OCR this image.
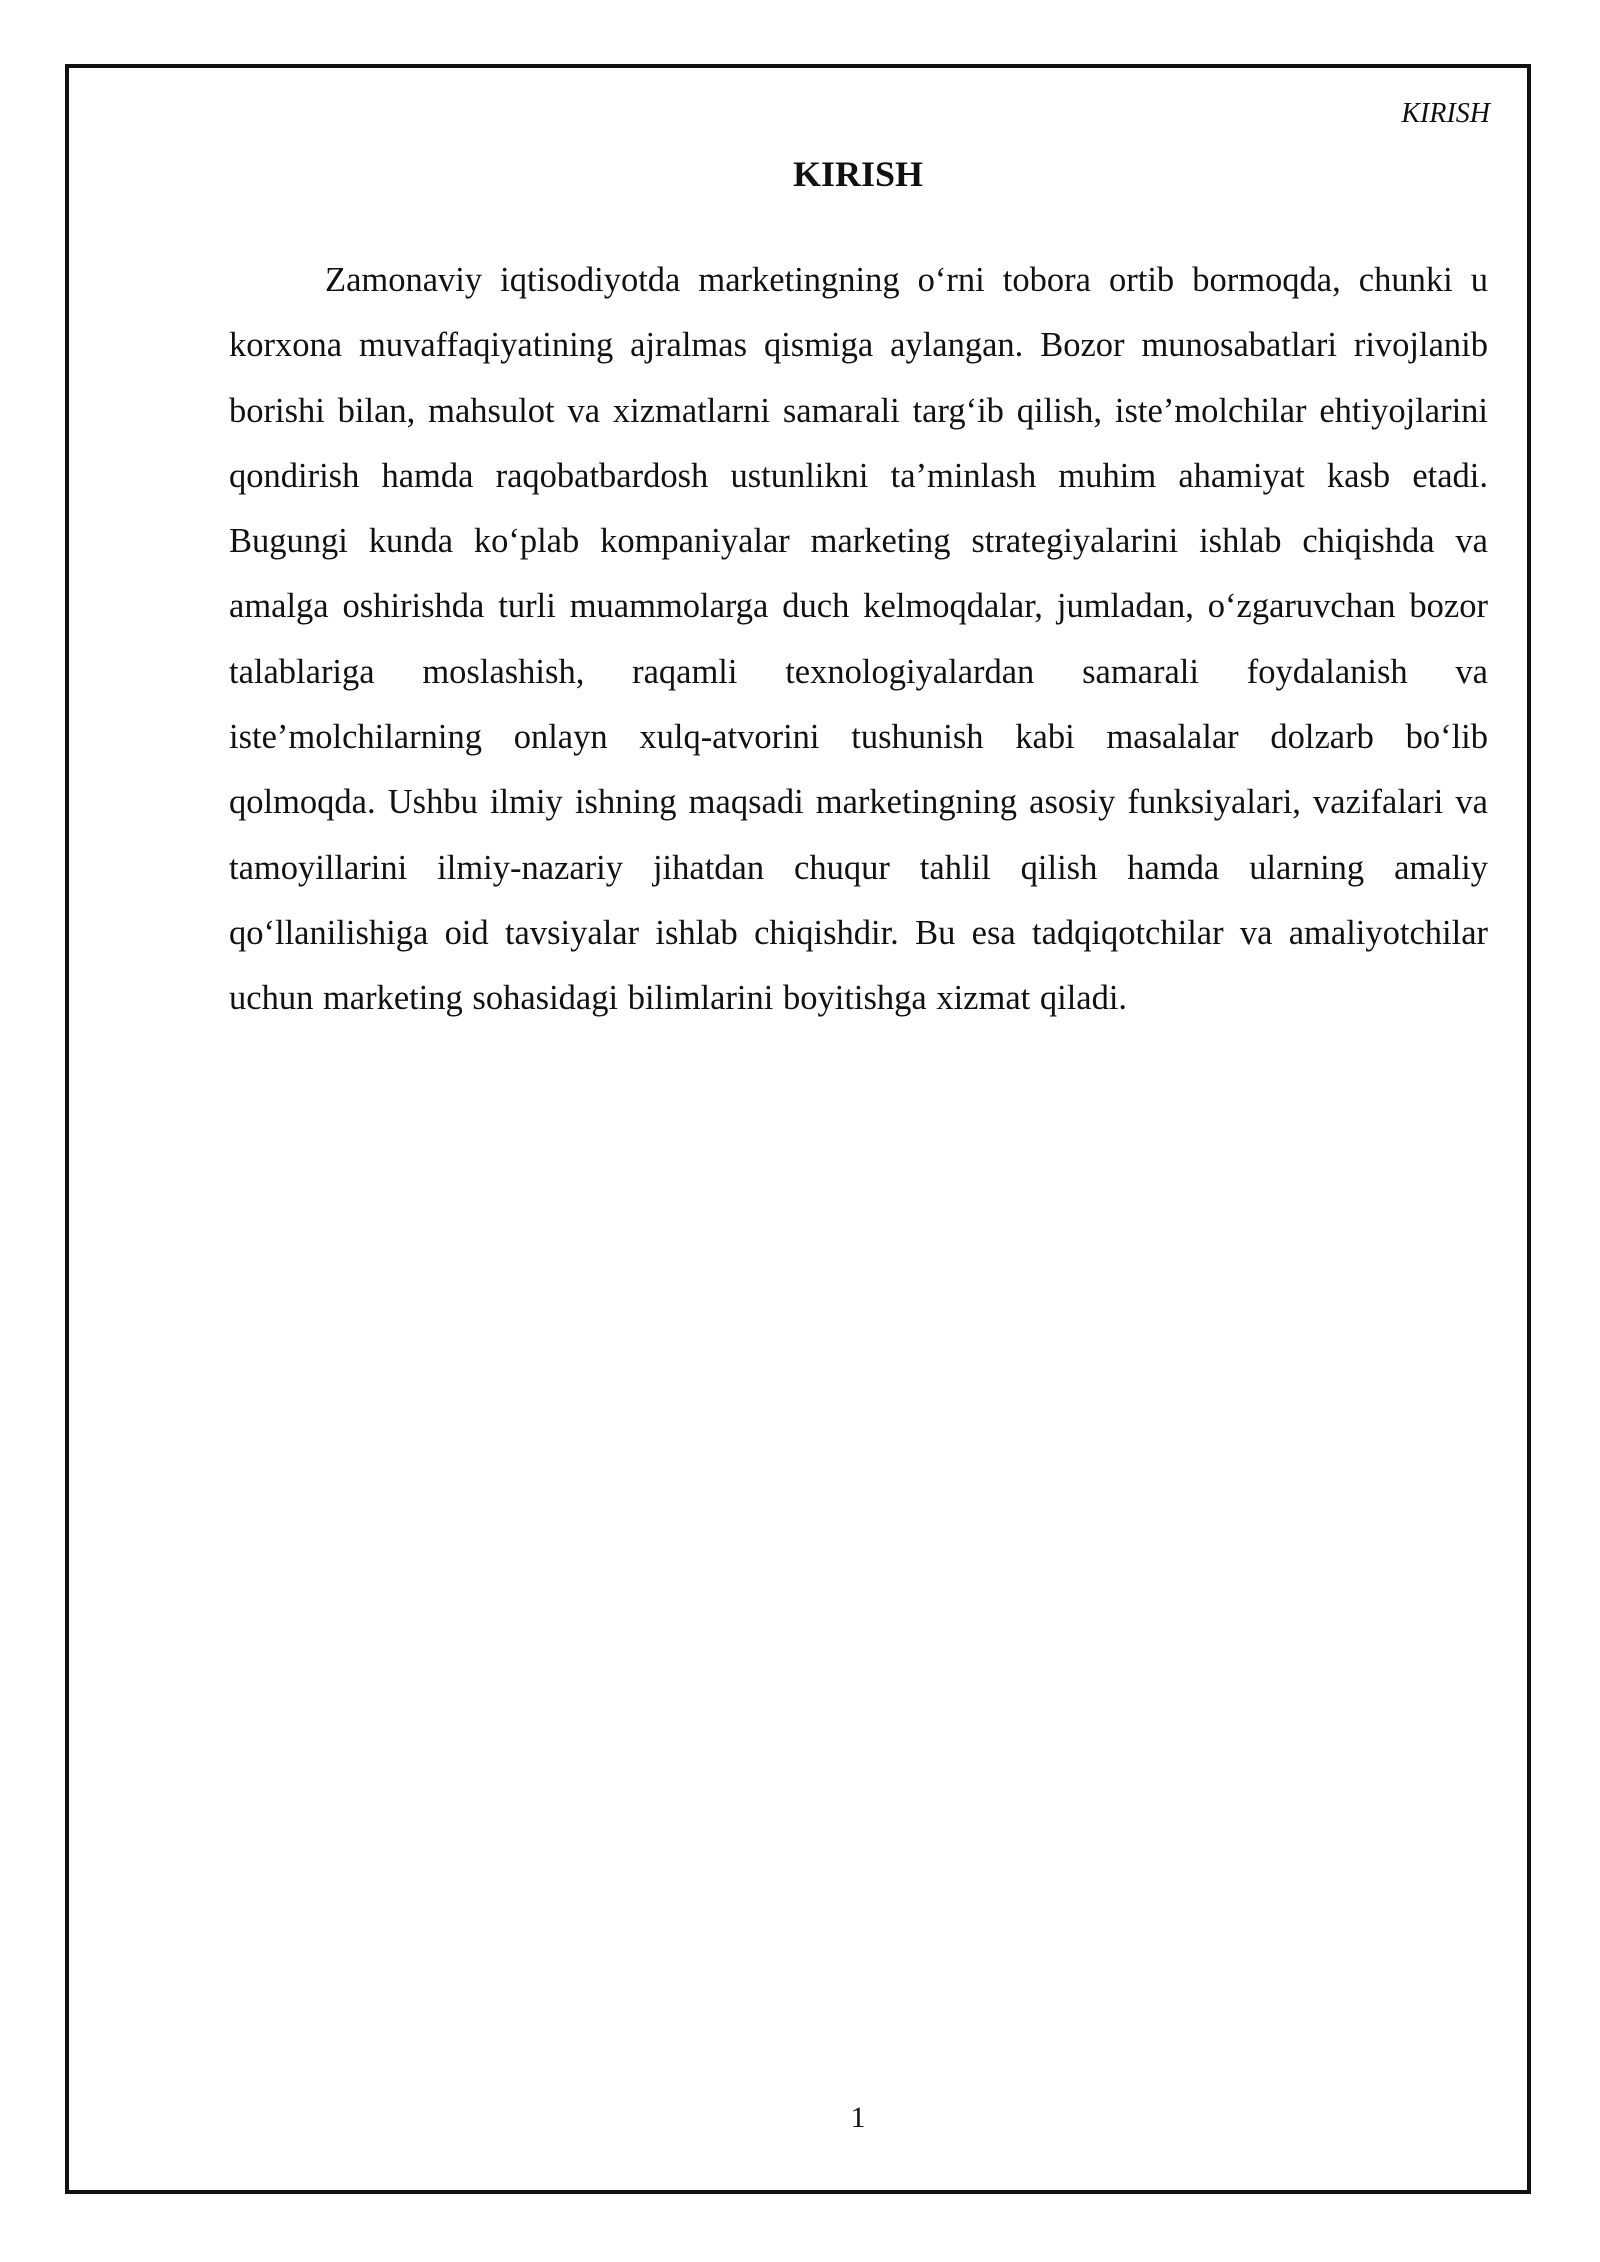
KIRISH
KIRISH

Zamonaviy iqtisodiyotda marketingning o‘rni tobora ortib bormoqda, chunki u korxona muvaffaqiyatining ajralmas qismiga aylangan. Bozor munosabatlari rivojlanib borishi bilan, mahsulot va xizmatlarni samarali targ‘ib qilish, iste’molchilar ehtiyojlarini qondirish hamda raqobatbardosh ustunlikni ta’minlash muhim ahamiyat kasb etadi. Bugungi kunda ko‘plab kompaniyalar marketing strategiyalarini ishlab chiqishda va amalga oshirishda turli muammolarga duch kelmoqdalar, jumladan, o‘zgaruvchan bozor talablariga moslashish, raqamli texnologiyalardan samarali foydalanish va iste’molchilarning onlayn xulq-atvorini tushunish kabi masalalar dolzarb bo‘lib qolmoqda. Ushbu ilmiy ishning maqsadi marketingning asosiy funksiyalari, vazifalari va tamoyillarini ilmiy-nazariy jihatdan chuqur tahlil qilish hamda ularning amaliy qo‘llanilishiga oid tavsiyalar ishlab chiqishdir. Bu esa tadqiqotchilar va amaliyotchilar uchun marketing sohasidagi bilimlarini boyitishga xizmat qiladi.

1
